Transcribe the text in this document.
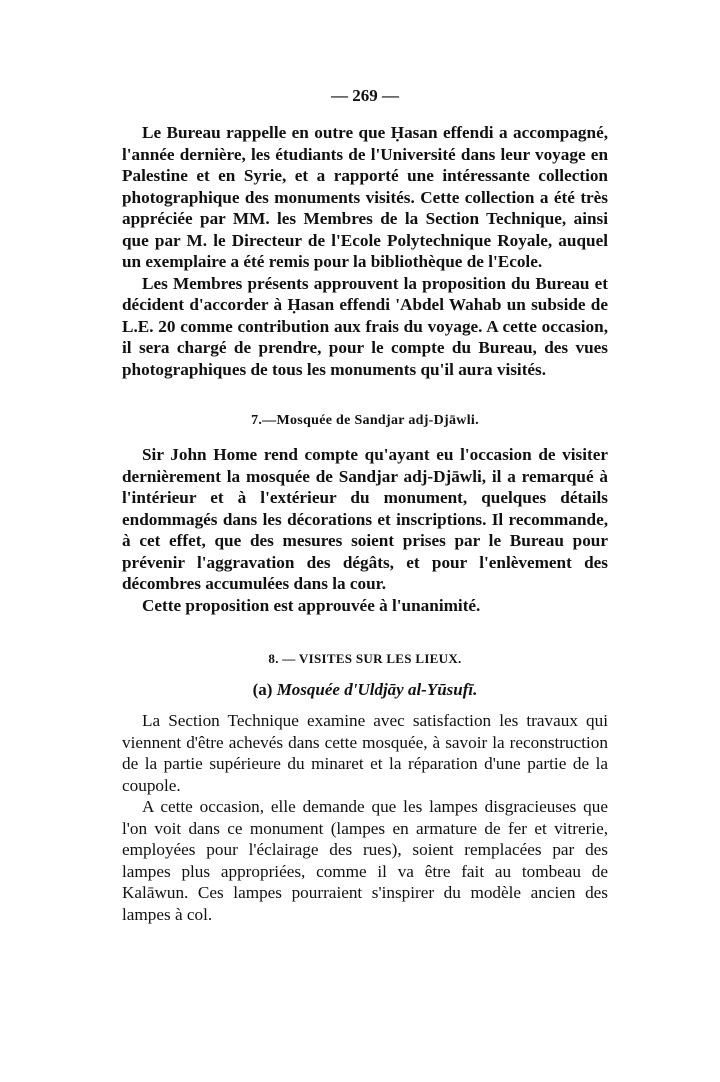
— 269 —

Le Bureau rappelle en outre que Ḥasan effendi a accompagné, l'année dernière, les étudiants de l'Université dans leur voyage en Palestine et en Syrie, et a rapporté une intéressante collection photographique des monuments visités. Cette collection a été très appréciée par MM. les Membres de la Section Technique, ainsi que par M. le Directeur de l'Ecole Polytechnique Royale, auquel un exemplaire a été remis pour la bibliothèque de l'Ecole.

Les Membres présents approuvent la proposition du Bureau et décident d'accorder à Ḥasan effendi 'Abdel Wahab un subside de L.E. 20 comme contribution aux frais du voyage. A cette occasion, il sera chargé de prendre, pour le compte du Bureau, des vues photographiques de tous les monuments qu'il aura visités.

7.—Mosquée de Sandjar adj-Djāwli.

Sir John Home rend compte qu'ayant eu l'occasion de visiter dernièrement la mosquée de Sandjar adj-Djāwli, il a remarqué à l'intérieur et à l'extérieur du monument, quelques détails endommagés dans les décorations et inscriptions. Il recommande, à cet effet, que des mesures soient prises par le Bureau pour prévenir l'aggravation des dégâts, et pour l'enlèvement des décombres accumulées dans la cour.

Cette proposition est approuvée à l'unanimité.

8. — VISITES SUR LES LIEUX.
(a) Mosquée d'Uldjāy al-Yūsufī.

La Section Technique examine avec satisfaction les travaux qui viennent d'être achevés dans cette mosquée, à savoir la reconstruction de la partie supérieure du minaret et la réparation d'une partie de la coupole.

A cette occasion, elle demande que les lampes disgracieuses que l'on voit dans ce monument (lampes en armature de fer et vitrerie, employées pour l'éclairage des rues), soient remplacées par des lampes plus appropriées, comme il va être fait au tombeau de Kalāwun. Ces lampes pourraient s'inspirer du modèle ancien des lampes à col.
